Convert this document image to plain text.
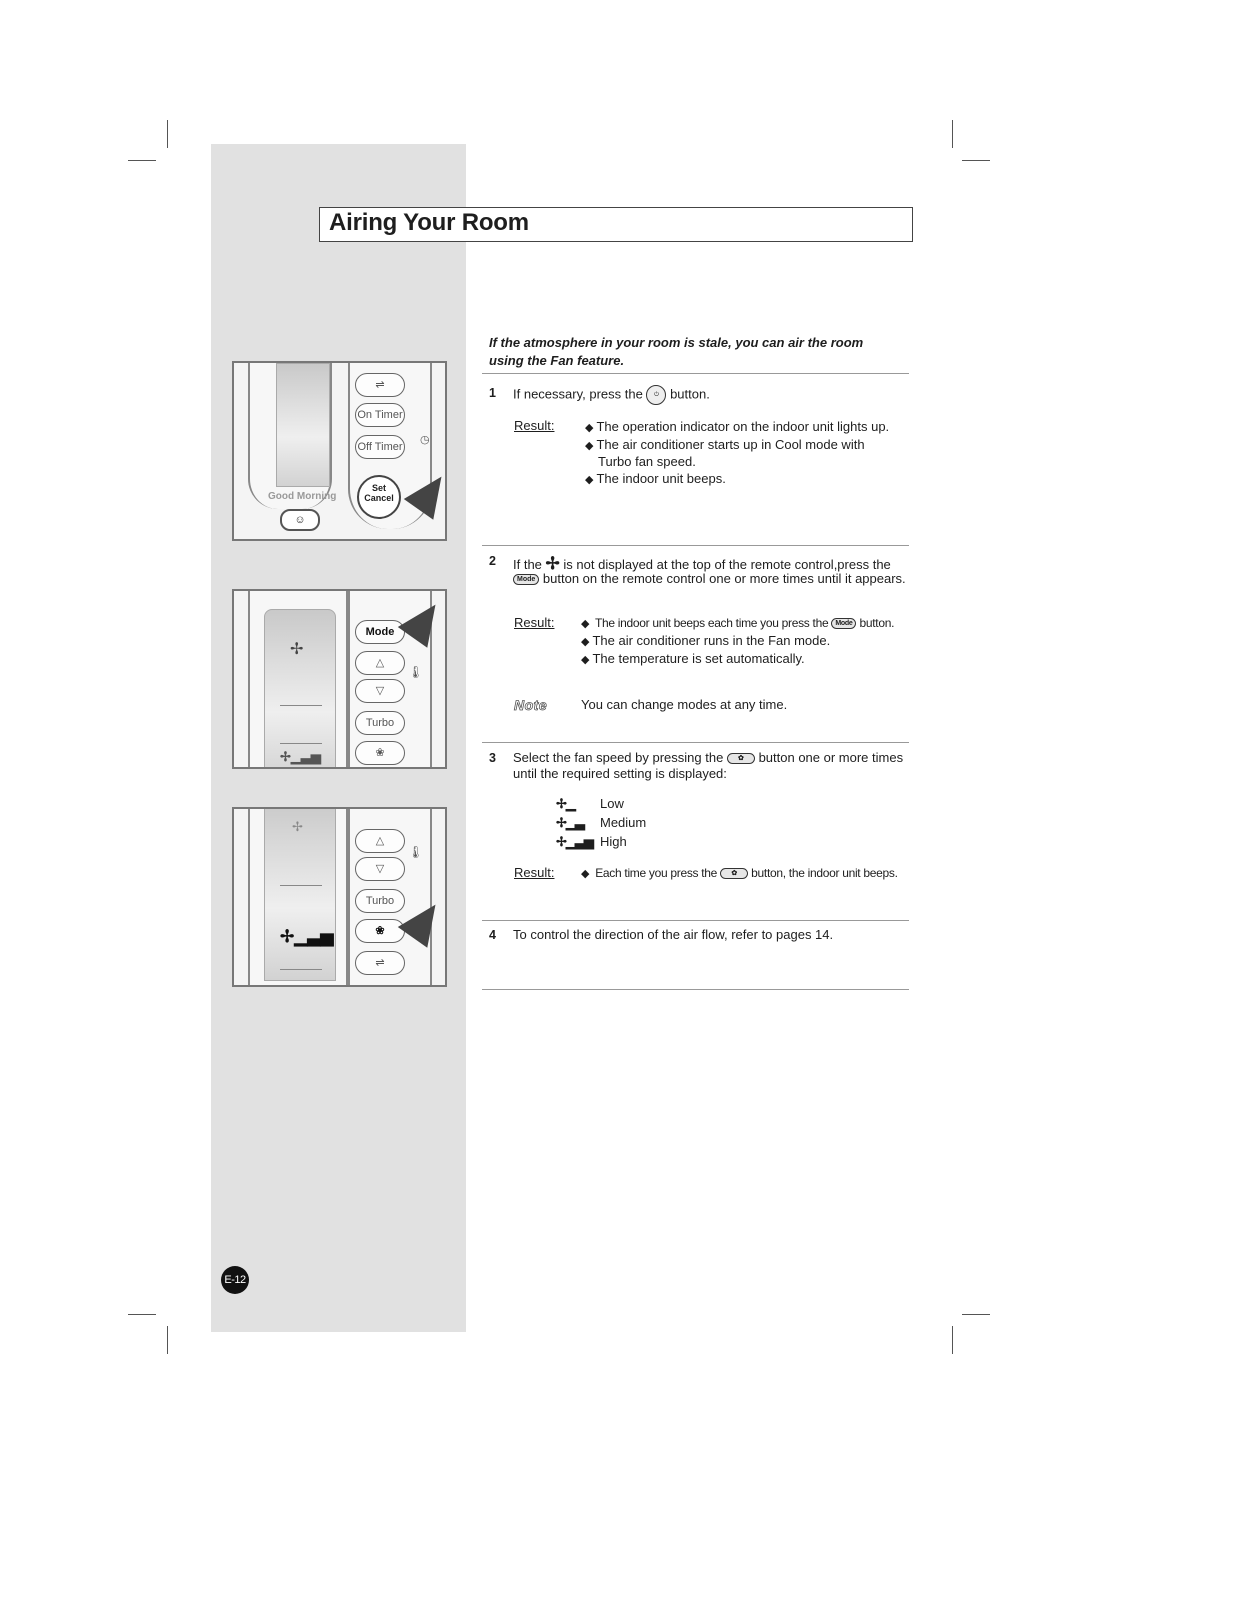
Airing Your Room
If the atmosphere in your room is stale, you can air the room using the Fan feature.
1 If necessary, press the ⏻ button.
Result:	◆ The operation indicator on the indoor unit lights up.
◆ The air conditioner starts up in Cool mode with
Turbo fan speed.
◆ The indoor unit beeps.
2 If the ✢ is not displayed at the top of the remote control,press the
Mode button on the remote control one or more times until it appears.
Result:	◆ The indoor unit beeps each time you press the Mode button.
◆ The air conditioner runs in the Fan mode.
◆ The temperature is set automatically.
Note	You can change modes at any time.
3 Select the fan speed by pressing the ✿ button one or more times
until the required setting is displayed:
✢▁ Low
✢▁▃ Medium
✢▁▃▅ High
Result:	◆ Each time you press the ✿ button, the indoor unit beeps.
4 To control the direction of the air flow, refer to pages 14.
Good Morning
☺
⇌
On Timer
Off Timer
Set
Cancel
◷
✢
✢▁▃▅
Mode
△
▽
Turbo
❀
🌡
✢
✢▁▃▅
△
▽
Turbo
❀
⇌
🌡
E-12
